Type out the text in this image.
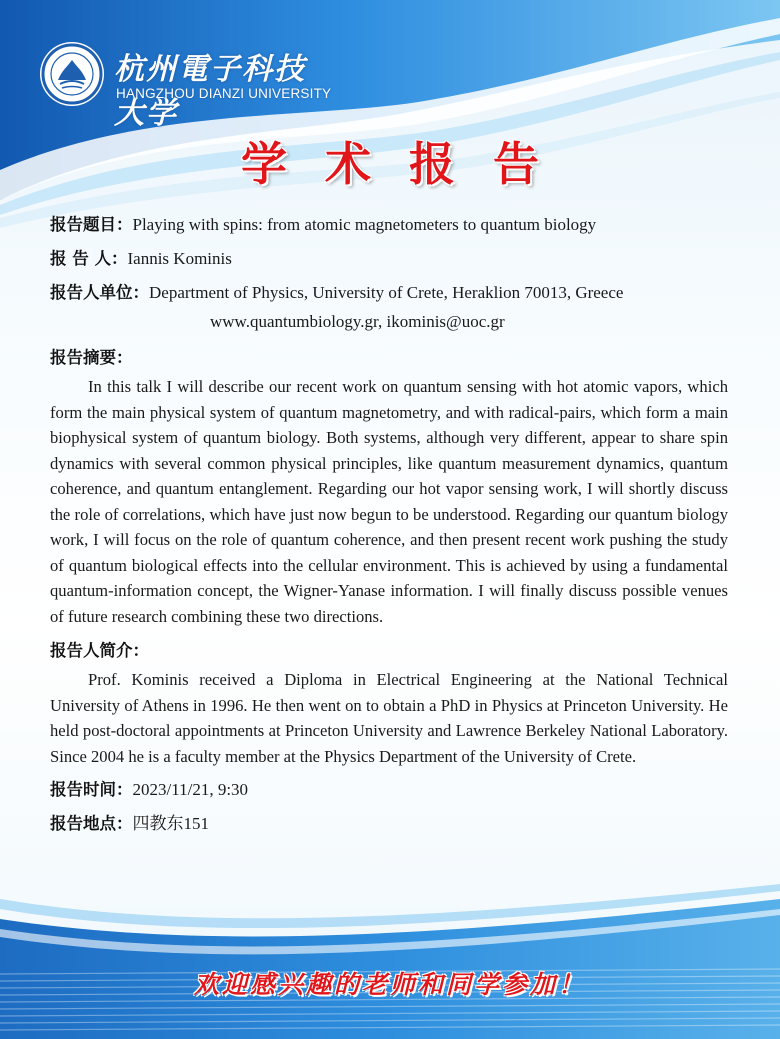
杭州電子科技大学
HANGZHOU DIANZI UNIVERSITY
学术报告
报告题目：Playing with spins: from atomic magnetometers to quantum biology
报 告 人：Iannis Kominis
报告人单位：Department of Physics, University of Crete, Heraklion 70013, Greece
www.quantumbiology.gr, ikominis@uoc.gr
报告摘要：

In this talk I will describe our recent work on quantum sensing with hot atomic vapors, which form the main physical system of quantum magnetometry, and with radical-pairs, which form a main biophysical system of quantum biology. Both systems, although very different, appear to share spin dynamics with several common physical principles, like quantum measurement dynamics, quantum coherence, and quantum entanglement. Regarding our hot vapor sensing work, I will shortly discuss the role of correlations, which have just now begun to be understood. Regarding our quantum biology work, I will focus on the role of quantum coherence, and then present recent work pushing the study of quantum biological effects into the cellular environment. This is achieved by using a fundamental quantum-information concept, the Wigner-Yanase information. I will finally discuss possible venues of future research combining these two directions.

报告人简介：

Prof. Kominis received a Diploma in Electrical Engineering at the National Technical University of Athens in 1996. He then went on to obtain a PhD in Physics at Princeton University. He held post-doctoral appointments at Princeton University and Lawrence Berkeley National Laboratory. Since 2004 he is a faculty member at the Physics Department of the University of Crete.

报告时间：2023/11/21, 9:30
报告地点：四教东151
欢迎感兴趣的老师和同学参加！
